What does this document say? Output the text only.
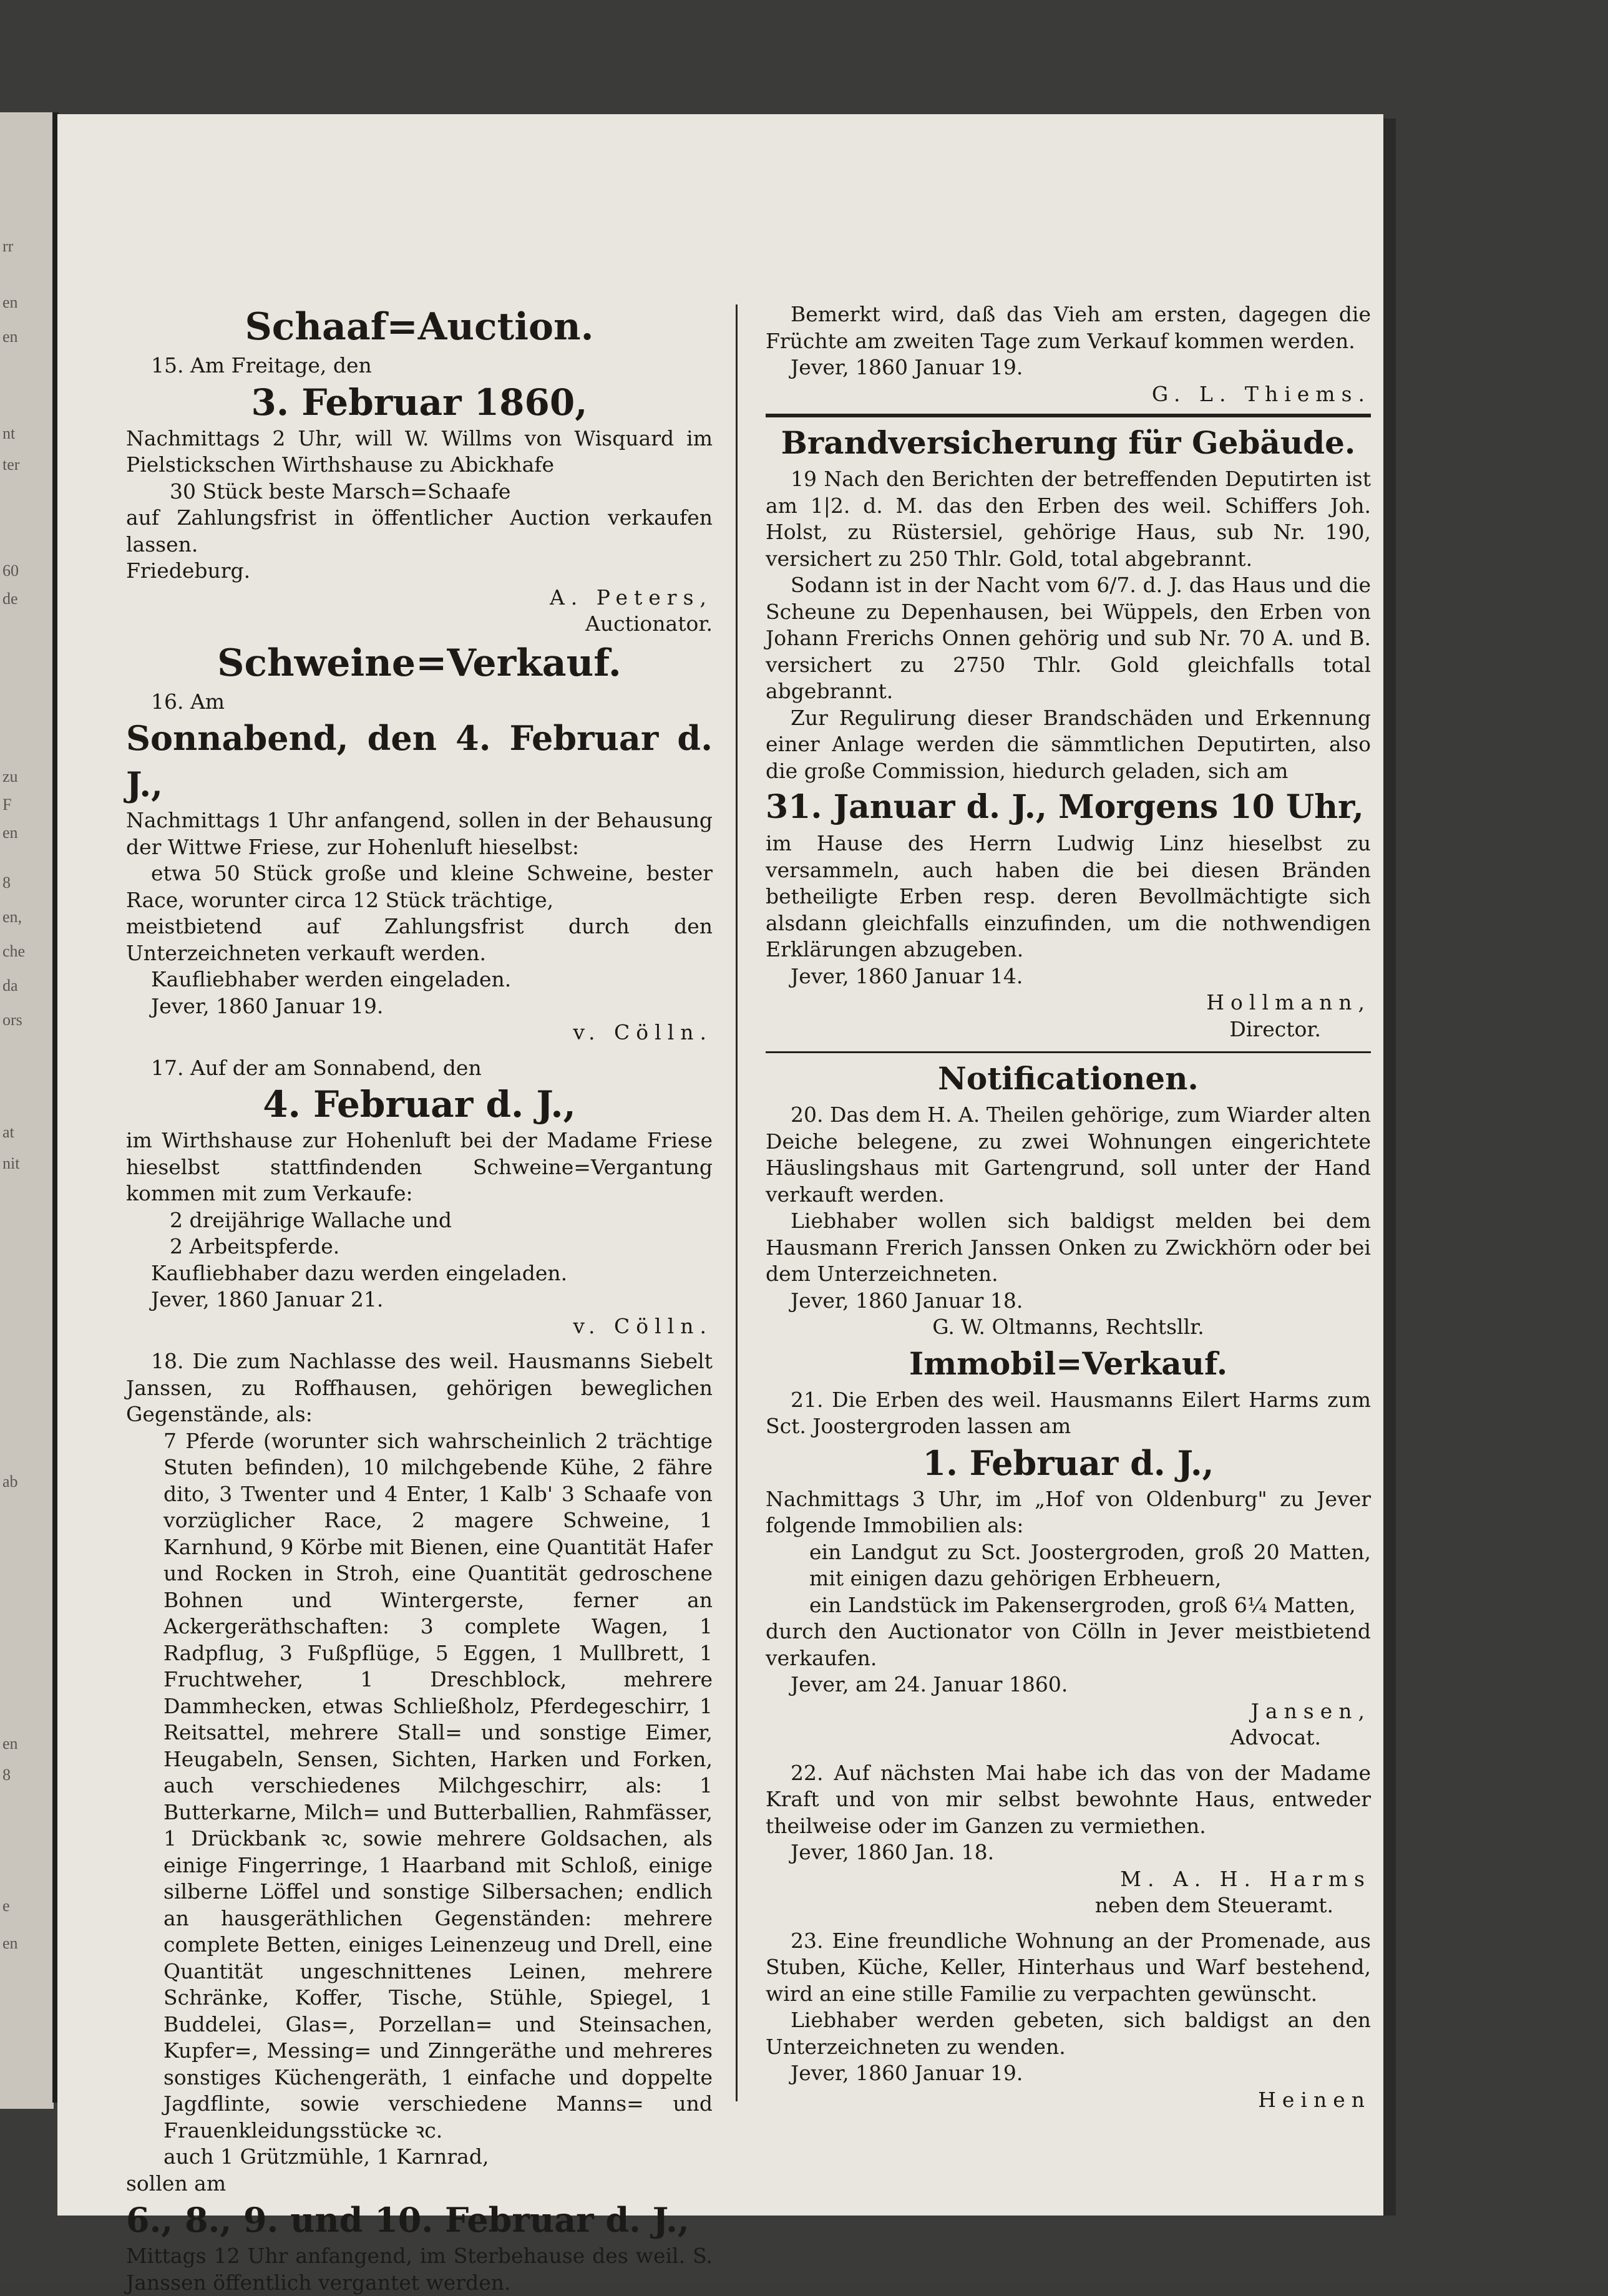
rr
en
en
nt
ter
60
de
zu
F
en
8
en,
che
da
ors
at
nit
ab
en
8
e
en
Schaaf=Auction.

15. Am Freitage, den

3. Februar 1860,

Nachmittags 2 Uhr, will W. Willms von Wisquard im Pielstickschen Wirthshause zu Abickhafe

30 Stück beste Marsch=Schaafe

auf Zahlungsfrist in öffentlicher Auction verkaufen lassen.

Friedeburg.

A. Peters,

Auctionator.

Schweine=Verkauf.

16. Am

Sonnabend, den 4. Februar d. J.,

Nachmittags 1 Uhr anfangend, sollen in der Behausung der Wittwe Friese, zur Hohenluft hieselbst:

etwa 50 Stück große und kleine Schweine, bester Race, worunter circa 12 Stück trächtige,

meistbietend auf Zahlungsfrist durch den Unterzeichneten verkauft werden.

Kaufliebhaber werden eingeladen.

Jever, 1860 Januar 19.

v. Cölln.

17. Auf der am Sonnabend, den

4. Februar d. J.,

im Wirthshause zur Hohenluft bei der Madame Friese hieselbst stattfindenden Schweine=Vergantung kommen mit zum Verkaufe:

2 dreijährige Wallache und

2 Arbeitspferde.

Kaufliebhaber dazu werden eingeladen.

Jever, 1860 Januar 21.

v. Cölln.

18. Die zum Nachlasse des weil. Hausmanns Siebelt Janssen, zu Roffhausen, gehörigen beweglichen Gegenstände, als:

7 Pferde (worunter sich wahrscheinlich 2 trächtige Stuten befinden), 10 milchgebende Kühe, 2 fähre dito, 3 Twenter und 4 Enter, 1 Kalb' 3 Schaafe von vorzüglicher Race, 2 magere Schweine, 1 Karnhund, 9 Körbe mit Bienen, eine Quantität Hafer und Rocken in Stroh, eine Quantität gedroschene Bohnen und Wintergerste, ferner an Ackergeräthschaften: 3 complete Wagen, 1 Radpflug, 3 Fußpflüge, 5 Eggen, 1 Mullbrett, 1 Fruchtweher, 1 Dreschblock, mehrere Dammhecken, etwas Schließholz, Pferdegeschirr, 1 Reitsattel, mehrere Stall= und sonstige Eimer, Heugabeln, Sensen, Sichten, Harken und Forken, auch verschiedenes Milchgeschirr, als: 1 Butterkarne, Milch= und Butterballien, Rahmfässer, 1 Drückbank ꝛc, sowie mehrere Goldsachen, als einige Fingerringe, 1 Haarband mit Schloß, einige silberne Löffel und sonstige Silbersachen; endlich an hausgeräthlichen Gegenständen: mehrere complete Betten, einiges Leinenzeug und Drell, eine Quantität ungeschnittenes Leinen, mehrere Schränke, Koffer, Tische, Stühle, Spiegel, 1 Buddelei, Glas=, Porzellan= und Steinsachen, Kupfer=, Messing= und Zinngeräthe und mehreres sonstiges Küchengeräth, 1 einfache und doppelte Jagdflinte, sowie verschiedene Manns= und Frauenkleidungsstücke ꝛc.

auch 1 Grützmühle, 1 Karnrad,

sollen am

6., 8., 9. und 10. Februar d. J.,

Mittags 12 Uhr anfangend, im Sterbehause des weil. S. Janssen öffentlich vergantet werden.

Bemerkt wird, daß das Vieh am ersten, dagegen die Früchte am zweiten Tage zum Verkauf kommen werden.

Jever, 1860 Januar 19.

G. L. Thiems.

Brandversicherung für Gebäude.

19 Nach den Berichten der betreffenden Deputirten ist am 1|2. d. M. das den Erben des weil. Schiffers Joh. Holst, zu Rüstersiel, gehörige Haus, sub Nr. 190, versichert zu 250 Thlr. Gold, total abgebrannt.

Sodann ist in der Nacht vom 6/7. d. J. das Haus und die Scheune zu Depenhausen, bei Wüppels, den Erben von Johann Frerichs Onnen gehörig und sub Nr. 70 A. und B. versichert zu 2750 Thlr. Gold gleichfalls total abgebrannt.

Zur Regulirung dieser Brandschäden und Erkennung einer Anlage werden die sämmtlichen Deputirten, also die große Commission, hiedurch geladen, sich am

31. Januar d. J., Morgens 10 Uhr,

im Hause des Herrn Ludwig Linz hieselbst zu versammeln, auch haben die bei diesen Bränden betheiligte Erben resp. deren Bevollmächtigte sich alsdann gleichfalls einzufinden, um die nothwendigen Erklärungen abzugeben.

Jever, 1860 Januar 14.

Hollmann,

Director.

Notificationen.

20. Das dem H. A. Theilen gehörige, zum Wiarder alten Deiche belegene, zu zwei Wohnungen eingerichtete Häuslingshaus mit Gartengrund, soll unter der Hand verkauft werden.

Liebhaber wollen sich baldigst melden bei dem Hausmann Frerich Janssen Onken zu Zwickhörn oder bei dem Unterzeichneten.

Jever, 1860 Januar 18.

G. W. Oltmanns, Rechtsllr.

Immobil=Verkauf.

21. Die Erben des weil. Hausmanns Eilert Harms zum Sct. Joostergroden lassen am

1. Februar d. J.,

Nachmittags 3 Uhr, im „Hof von Oldenburg" zu Jever folgende Immobilien als:

ein Landgut zu Sct. Joostergroden, groß 20 Matten, mit einigen dazu gehörigen Erbheuern,

ein Landstück im Pakensergroden, groß 6¼ Matten,

durch den Auctionator von Cölln in Jever meistbietend verkaufen.

Jever, am 24. Januar 1860.

Jansen,

Advocat.

22. Auf nächsten Mai habe ich das von der Madame Kraft und von mir selbst bewohnte Haus, entweder theilweise oder im Ganzen zu vermiethen.

Jever, 1860 Jan. 18.

M. A. H. Harms

neben dem Steueramt.

23. Eine freundliche Wohnung an der Promenade, aus Stuben, Küche, Keller, Hinterhaus und Warf bestehend, wird an eine stille Familie zu verpachten gewünscht.

Liebhaber werden gebeten, sich baldigst an den Unterzeichneten zu wenden.

Jever, 1860 Januar 19.

Heinen
